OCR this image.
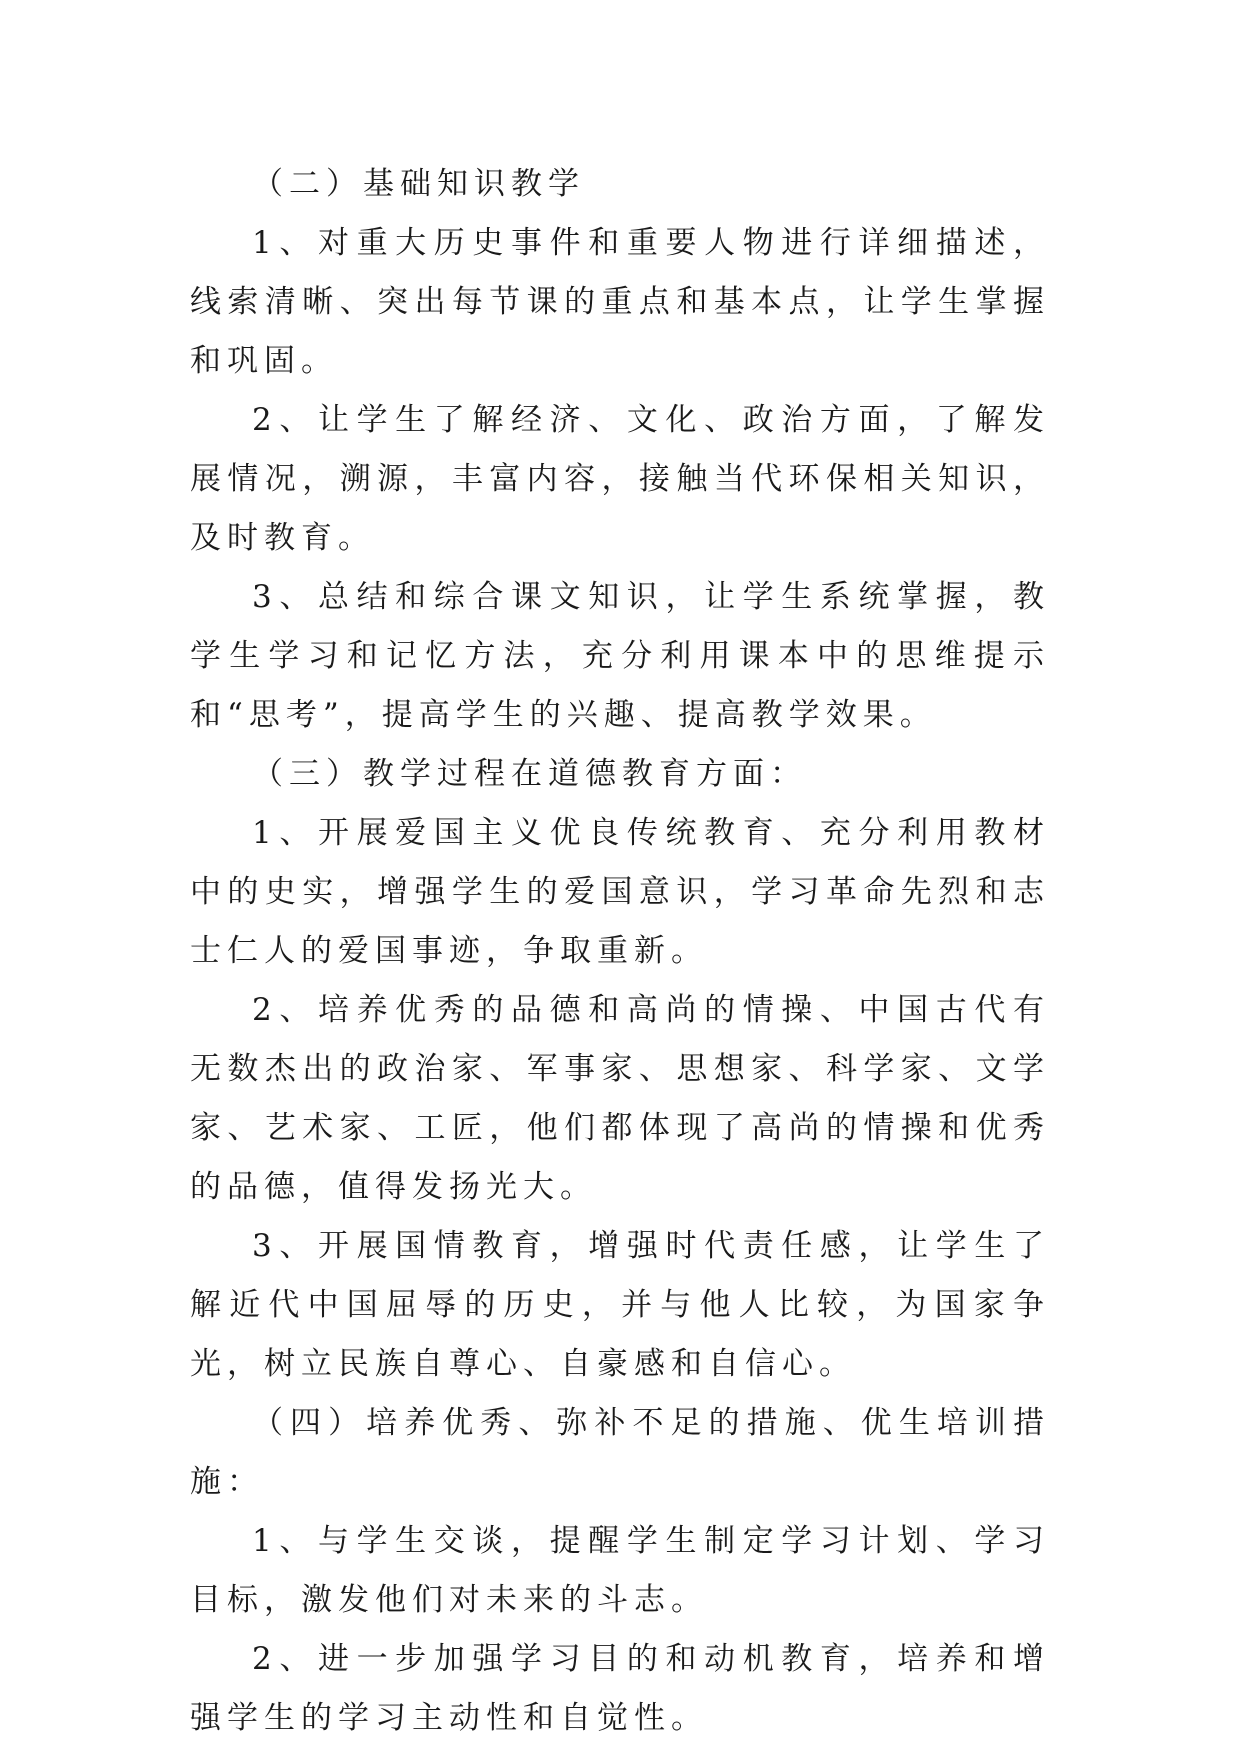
（二）基础知识教学

1、对重大历史事件和重要人物进行详细描述，线索清晰、突出每节课的重点和基本点，让学生掌握和巩固。

2、让学生了解经济、文化、政治方面，了解发展情况，溯源，丰富内容，接触当代环保相关知识，及时教育。

3、总结和综合课文知识，让学生系统掌握，教学生学习和记忆方法，充分利用课本中的思维提示和“思考”，提高学生的兴趣、提高教学效果。

（三）教学过程在道德教育方面：

1、开展爱国主义优良传统教育、充分利用教材中的史实，增强学生的爱国意识，学习革命先烈和志士仁人的爱国事迹，争取重新。

2、培养优秀的品德和高尚的情操、中国古代有无数杰出的政治家、军事家、思想家、科学家、文学家、艺术家、工匠，他们都体现了高尚的情操和优秀的品德，值得发扬光大。

3、开展国情教育，增强时代责任感，让学生了解近代中国屈辱的历史，并与他人比较，为国家争光，树立民族自尊心、自豪感和自信心。

（四）培养优秀、弥补不足的措施、优生培训措施：

1、与学生交谈，提醒学生制定学习计划、学习目标，激发他们对未来的斗志。

2、进一步加强学习目的和动机教育，培养和增强学生的学习主动性和自觉性。
